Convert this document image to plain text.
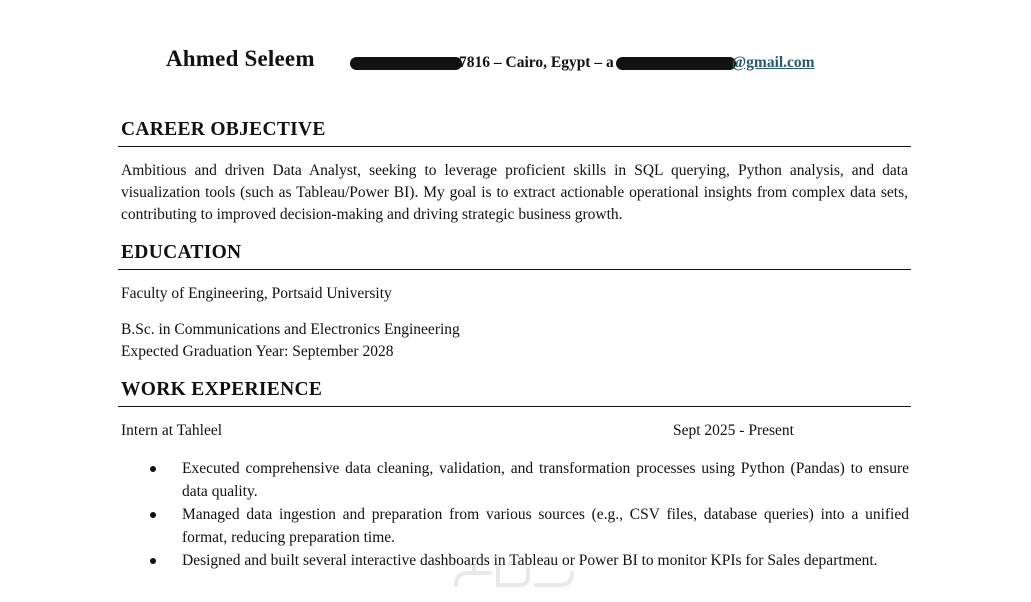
Ahmed Seleem	7816 – Cairo, Egypt – a	@gmail.com
CAREER OBJECTIVE
Ambitious and driven Data Analyst, seeking to leverage proficient skills in SQL querying, Python analysis, and data visualization tools (such as Tableau/Power BI). My goal is to extract actionable operational insights from complex data sets, contributing to improved decision-making and driving strategic business growth.
EDUCATION
Faculty of Engineering, Portsaid University
B.Sc. in Communications and Electronics Engineering
Expected Graduation Year: September 2028
WORK EXPERIENCE
Intern at Tahleel	Sept 2025 - Present
Executed comprehensive data cleaning, validation, and transformation processes using Python (Pandas) to ensure data quality.
Managed data ingestion and preparation from various sources (e.g., CSV files, database queries) into a unified format, reducing preparation time.
Designed and built several interactive dashboards in Tableau or Power BI to monitor KPIs for Sales department.
